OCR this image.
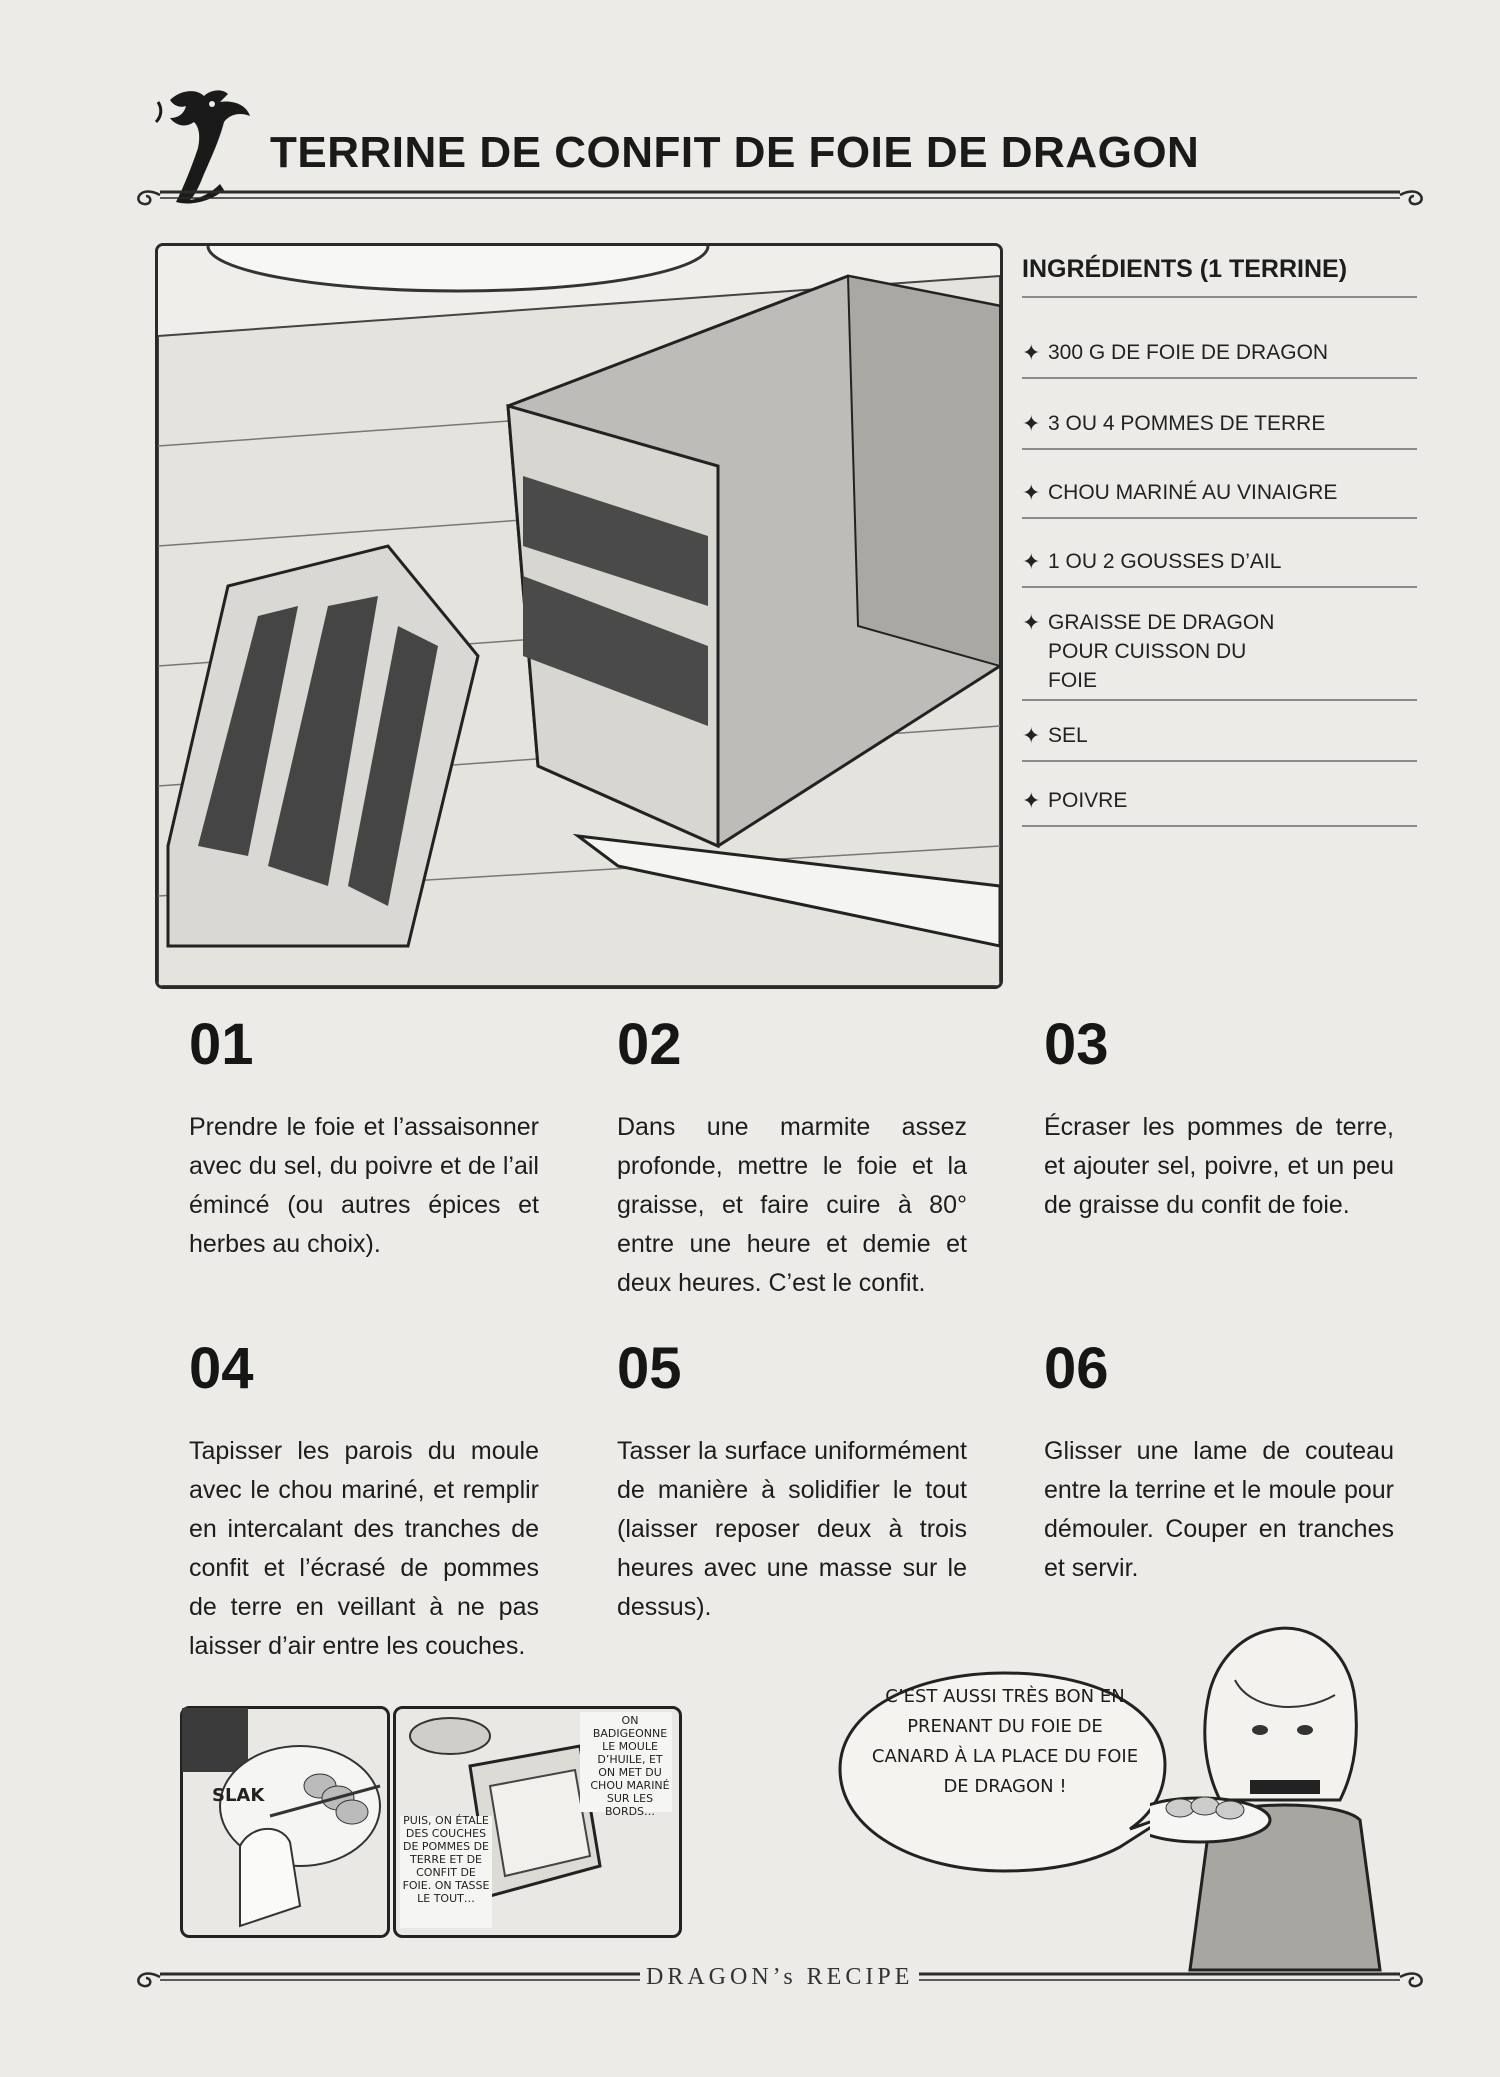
TERRINE DE CONFIT DE FOIE DE DRAGON
INGRÉDIENTS (1 TERRINE)
✦ 300 G DE FOIE DE DRAGON
✦ 3 OU 4 POMMES DE TERRE
✦ CHOU MARINÉ AU VINAIGRE
✦ 1 OU 2 GOUSSES D’AIL
✦ GRAISSE DE DRAGON POUR CUISSON DU FOIE
✦ SEL
✦ POIVRE
01

Prendre le foie et l’assaisonner avec du sel, du poivre et de l’ail émincé (ou autres épices et herbes au choix).

02

Dans une marmite assez profonde, mettre le foie et la graisse, et faire cuire à 80° entre une heure et demie et deux heures. C’est le confit.

03

Écraser les pommes de terre, et ajouter sel, poivre, et un peu de graisse du confit de foie.

04

Tapisser les parois du moule avec le chou mariné, et remplir en intercalant des tranches de confit et l’écrasé de pommes de terre en veillant à ne pas laisser d’air entre les couches.

05

Tasser la surface uniformément de manière à solidifier le tout (laisser reposer deux à trois heures avec une masse sur le dessus).

06

Glisser une lame de couteau entre la terrine et le moule pour démouler. Couper en tranches et servir.

SLAK
ON BADIGEONNE LE MOULE D’HUILE, ET ON MET DU CHOU MARINÉ SUR LES BORDS…
PUIS, ON ÉTALE DES COUCHES DE POMMES DE TERRE ET DE CONFIT DE FOIE. ON TASSE LE TOUT…
C’EST AUSSI TRÈS BON EN PRENANT DU FOIE DE CANARD À LA PLACE DU FOIE DE DRAGON !
DRAGON’s RECIPE
